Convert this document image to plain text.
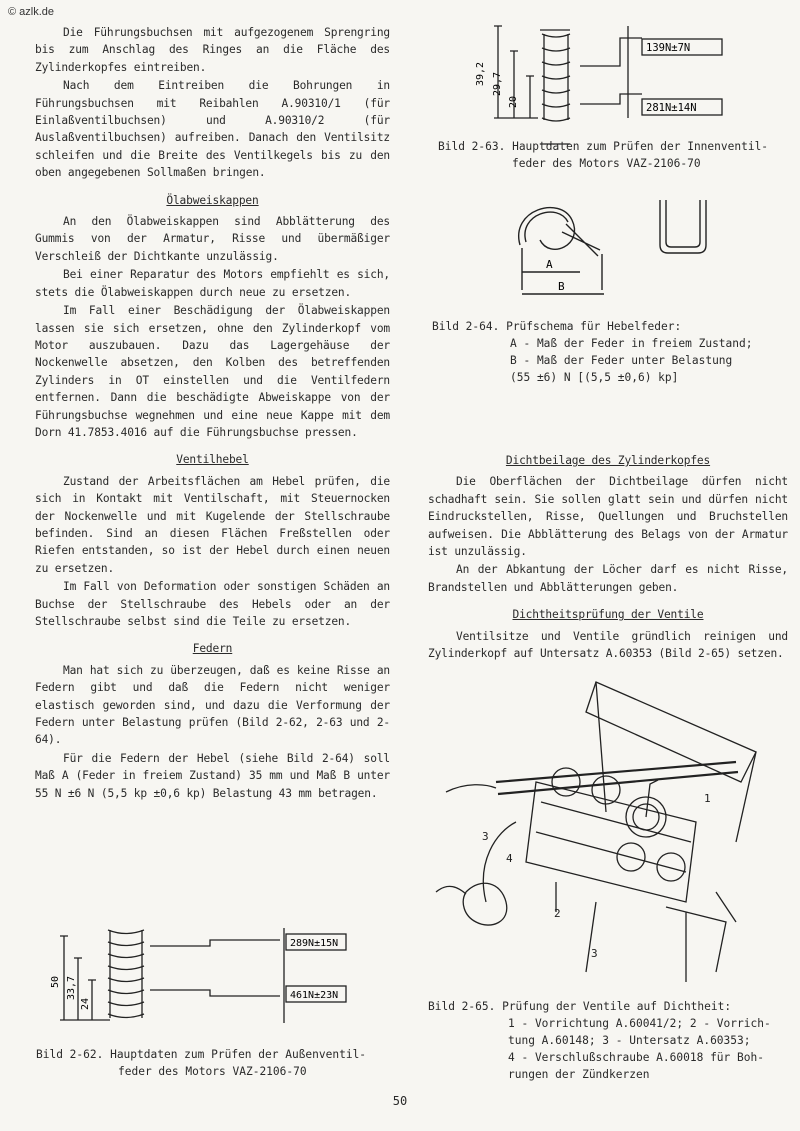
© azlk.de

Die Führungsbuchsen mit aufgezogenem Sprengring bis zum Anschlag des Ringes an die Fläche des Zylinderkopfes eintreiben.

Nach dem Eintreiben die Bohrungen in Führungsbuchsen mit Reibahlen A.90310/1 (für Einlaßventilbuchsen) und A.90310/2 (für Auslaßventilbuchsen) aufreiben. Danach den Ventilsitz schleifen und die Breite des Ventilkegels bis zu den oben angegebenen Sollmaßen bringen.

Ölabweiskappen

An den Ölabweiskappen sind Abblätterung des Gummis von der Armatur, Risse und übermäßiger Verschleiß der Dichtkante unzulässig.

Bei einer Reparatur des Motors empfiehlt es sich, stets die Ölabweiskappen durch neue zu ersetzen.

Im Fall einer Beschädigung der Ölabweiskappen lassen sie sich ersetzen, ohne den Zylinderkopf vom Motor auszubauen. Dazu das Lagergehäuse der Nockenwelle absetzen, den Kolben des betreffenden Zylinders in OT einstellen und die Ventilfedern entfernen. Dann die beschädigte Abweiskappe von der Führungsbuchse wegnehmen und eine neue Kappe mit dem Dorn 41.7853.4016 auf die Führungsbuchse pressen.

Ventilhebel

Zustand der Arbeitsflächen am Hebel prüfen, die sich in Kontakt mit Ventilschaft, mit Steuernocken der Nockenwelle und mit Kugelende der Stellschraube befinden. Sind an diesen Flächen Freßstellen oder Riefen entstanden, so ist der Hebel durch einen neuen zu ersetzen.

Im Fall von Deformation oder sonstigen Schäden an Buchse der Stellschraube des Hebels oder an der Stellschraube selbst sind die Teile zu ersetzen.

Federn

Man hat sich zu überzeugen, daß es keine Risse an Federn gibt und daß die Federn nicht weniger elastisch geworden sind, und dazu die Verformung der Federn unter Belastung prüfen (Bild 2-62, 2-63 und 2-64).

Für die Federn der Hebel (siehe Bild 2-64) soll Maß A (Feder in freiem Zustand) 35 mm und Maß B unter 55 N ±6 N (5,5 kp ±0,6 kp) Belastung 43 mm betragen.

39,2 29,7
20
139N±7N
281N±14N
Bild 2-63. Hauptdaten zum Prüfen der Innenventil-
feder des Motors VAZ-2106-70
A
B
Bild 2-64. Prüfschema für Hebelfeder:
A - Maß der Feder in freiem Zustand;
B - Maß der Feder unter Belastung
(55 ±6) N [(5,5 ±0,6) kp]
Dichtbeilage des Zylinderkopfes

Die Oberflächen der Dichtbeilage dürfen nicht schadhaft sein. Sie sollen glatt sein und dürfen nicht Eindruckstellen, Risse, Quellungen und Bruchstellen aufweisen. Die Abblätterung des Belags von der Armatur ist unzulässig.

An der Abkantung der Löcher darf es nicht Risse, Brandstellen und Abblätterungen geben.

Dichtheitsprüfung der Ventile

Ventilsitze und Ventile gründlich reinigen und Zylinderkopf auf Untersatz A.60353 (Bild 2-65) setzen.

50 33,7
24
289N±15N
461N±23N
Bild 2-62. Hauptdaten zum Prüfen der Außenventil-
feder des Motors VAZ-2106-70
1
2
3
3
4
Bild 2-65. Prüfung der Ventile auf Dichtheit:
1 - Vorrichtung A.60041/2; 2 - Vorrich-
tung A.60148; 3 - Untersatz A.60353;
4 - Verschlußschraube A.60018 für Boh-
rungen der Zündkerzen
50
